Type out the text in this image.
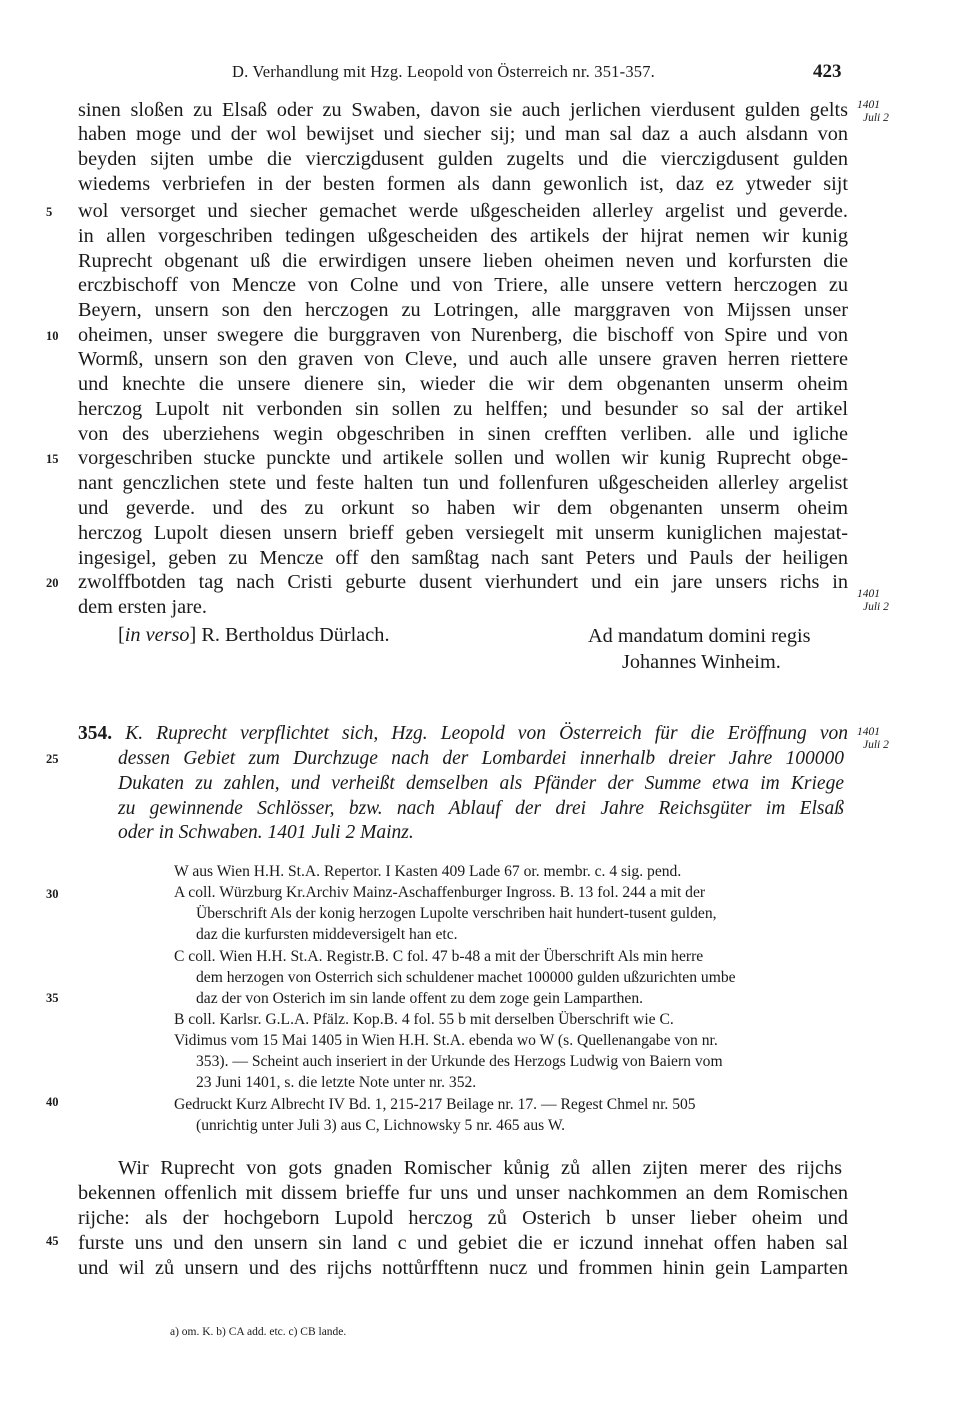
D. Verhandlung mit Hzg. Leopold von Österreich nr. 351-357.	423
1401
Juli 2
1401
Juli 2
1401
Juli 2
5
10
15
20
25
30
35
40
45
sinen sloßen zu Elsaß oder zu Swaben, davon sie auch jerlichen vierdusent gulden gelts
haben moge und der wol bewijset und siecher sij; und man sal daz a auch alsdann von
beyden sijten umbe die vierczigdusent gulden zugelts und die vierczigdusent gulden
wiedems verbriefen in der besten formen als dann gewonlich ist, daz ez ytweder sijt
wol versorget und siecher gemachet werde ußgescheiden allerley argelist und geverde.
in allen vorgeschriben tedingen ußgescheiden des artikels der hijrat nemen wir kunig
Ruprecht obgenant uß die erwirdigen unsere lieben oheimen neven und korfursten die
erczbischoff von Mencze von Colne und von Triere, alle unsere vettern herczogen zu
Beyern, unsern son den herczogen zu Lotringen, alle marggraven von Mijssen unser
oheimen, unser swegere die burggraven von Nurenberg, die bischoff von Spire und von
Wormß, unsern son den graven von Cleve, und auch alle unsere graven herren riettere
und knechte die unsere dienere sin, wieder die wir dem obgenanten unserm oheim
herczog Lupolt nit verbonden sin sollen zu helffen; und besunder so sal der artikel
von des uberziehens wegin obgeschriben in sinen crefften verliben. alle und igliche
vorgeschriben stucke punckte und artikele sollen und wollen wir kunig Ruprecht obge-
nant genczlichen stete und feste halten tun und follenfuren ußgescheiden allerley argelist
und geverde. und des zu orkunt so haben wir dem obgenanten unserm oheim
herczog Lupolt diesen unsern brieff geben versiegelt mit unserm kuniglichen majestat-
ingesigel, geben zu Mencze off den samßtag nach sant Peters und Pauls der heiligen
zwolffbotden tag nach Cristi geburte dusent vierhundert und ein jare unsers richs in
dem ersten jare.
[in verso] R. Bertholdus Dürlach.	Ad mandatum domini regis
Johannes Winheim.
354. K. Ruprecht verpflichtet sich, Hzg. Leopold von Österreich für die Eröffnung von
dessen Gebiet zum Durchzuge nach der Lombardei innerhalb dreier Jahre 100000
Dukaten zu zahlen, und verheißt demselben als Pfänder der Summe etwa im Kriege
zu gewinnende Schlösser, bzw. nach Ablauf der drei Jahre Reichsgüter im Elsaß
oder in Schwaben. 1401 Juli 2 Mainz.
W aus Wien H.H. St.A. Repertor. I Kasten 409 Lade 67 or. membr. c. 4 sig. pend.
A coll. Würzburg Kr.Archiv Mainz-Aschaffenburger Ingross. B. 13 fol. 244 a mit der
Überschrift Als der konig herzogen Lupolte verschriben hait hundert-tusent gulden,
daz die kurfursten middeversigelt han etc.
C coll. Wien H.H. St.A. Registr.B. C fol. 47 b-48 a mit der Überschrift Als min herre
dem herzogen von Osterrich sich schuldener machet 100000 gulden ußzurichten umbe
daz der von Osterich im sin lande offent zu dem zoge gein Lamparthen.
B coll. Karlsr. G.L.A. Pfälz. Kop.B. 4 fol. 55 b mit derselben Überschrift wie C.
Vidimus vom 15 Mai 1405 in Wien H.H. St.A. ebenda wo W (s. Quellenangabe von nr.
353). — Scheint auch inseriert in der Urkunde des Herzogs Ludwig von Baiern vom
23 Juni 1401, s. die letzte Note unter nr. 352.
Gedruckt Kurz Albrecht IV Bd. 1, 215-217 Beilage nr. 17. — Regest Chmel nr. 505
(unrichtig unter Juli 3) aus C, Lichnowsky 5 nr. 465 aus W.
Wir Ruprecht von gots gnaden Romischer kůnig zů allen zijten merer des rijchs
bekennen offenlich mit dissem brieffe fur uns und unser nachkommen an dem Romischen
rijche: als der hochgeborn Lupold herczog zů Osterich b unser lieber oheim und
furste uns und den unsern sin land c und gebiet die er iczund innehat offen haben sal
und wil zů unsern und des rijchs nottůrfftenn nucz und frommen hinin gein Lamparten
a) om. K. b) CA add. etc. c) CB lande.
